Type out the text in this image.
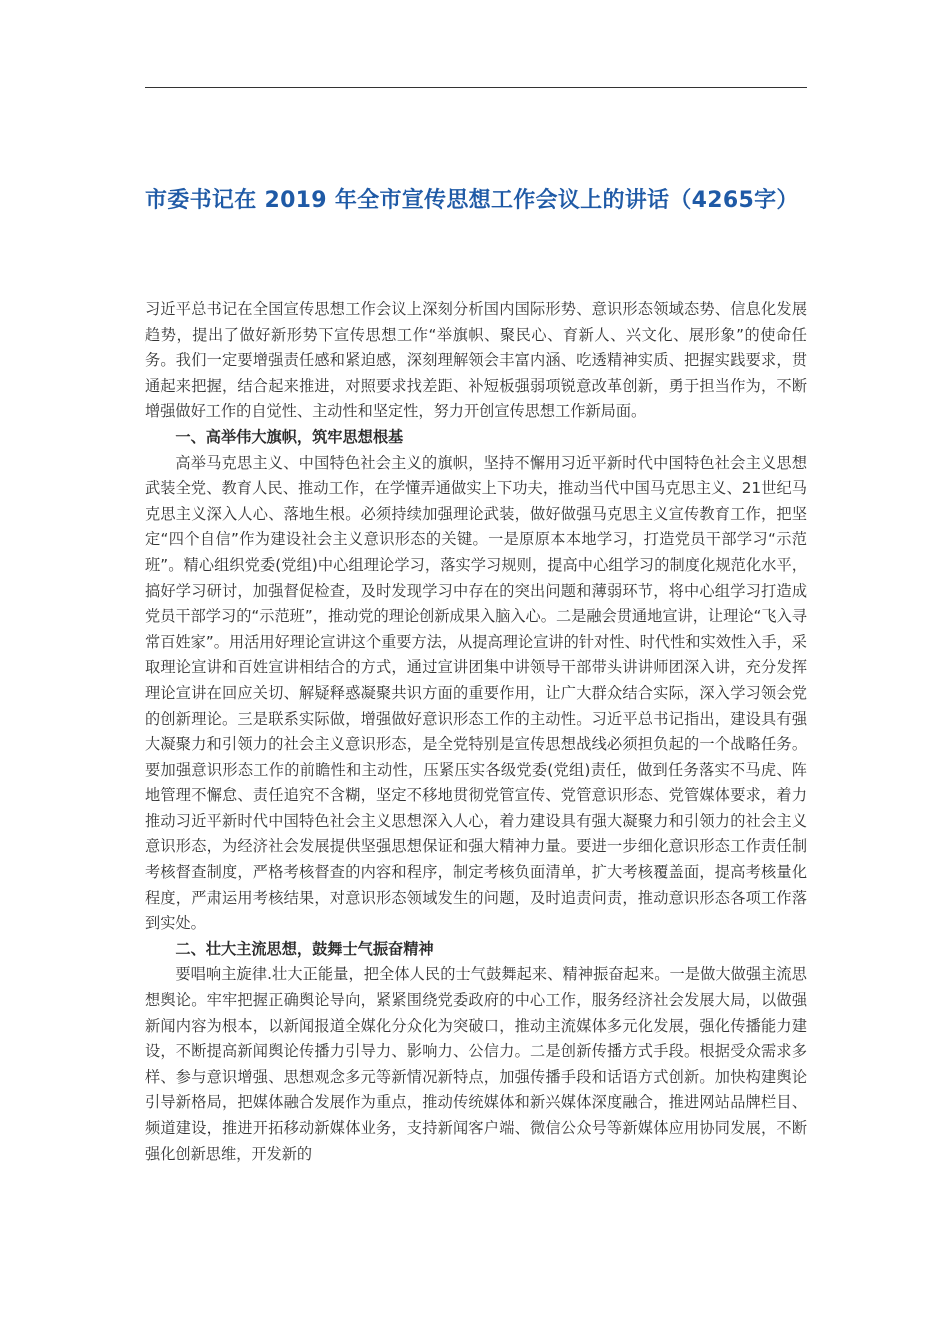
市委书记在 2019 年全市宣传思想工作会议上的讲话（4265字）

习近平总书记在全国宣传思想工作会议上深刻分析国内国际形势、意识形态领域态势、信息化发展趋势，提出了做好新形势下宣传思想工作“举旗帜、聚民心、育新人、兴文化、展形象”的使命任务。我们一定要增强责任感和紧迫感，深刻理解领会丰富内涵、吃透精神实质、把握实践要求，贯通起来把握，结合起来推进，对照要求找差距、补短板强弱项锐意改革创新，勇于担当作为，不断增强做好工作的自觉性、主动性和坚定性，努力开创宣传思想工作新局面。

一、高举伟大旗帜，筑牢思想根基

高举马克思主义、中国特色社会主义的旗帜，坚持不懈用习近平新时代中国特色社会主义思想武装全党、教育人民、推动工作，在学懂弄通做实上下功夫，推动当代中国马克思主义、21世纪马克思主义深入人心、落地生根。必须持续加强理论武装，做好做强马克思主义宣传教育工作，把坚定“四个自信”作为建设社会主义意识形态的关键。一是原原本本地学习，打造党员干部学习“示范班”。精心组织党委(党组)中心组理论学习，落实学习规则，提高中心组学习的制度化规范化水平，搞好学习研讨，加强督促检查，及时发现学习中存在的突出问题和薄弱环节，将中心组学习打造成党员干部学习的“示范班”，推动党的理论创新成果入脑入心。二是融会贯通地宣讲，让理论“飞入寻常百姓家”。用活用好理论宣讲这个重要方法，从提高理论宣讲的针对性、时代性和实效性入手，采取理论宣讲和百姓宣讲相结合的方式，通过宣讲团集中讲领导干部带头讲讲师团深入讲，充分发挥理论宣讲在回应关切、解疑释惑凝聚共识方面的重要作用，让广大群众结合实际，深入学习领会党的创新理论。三是联系实际做，增强做好意识形态工作的主动性。习近平总书记指出，建设具有强大凝聚力和引领力的社会主义意识形态，是全党特别是宣传思想战线必须担负起的一个战略任务。要加强意识形态工作的前瞻性和主动性，压紧压实各级党委(党组)责任，做到任务落实不马虎、阵地管理不懈怠、责任追究不含糊，坚定不移地贯彻党管宣传、党管意识形态、党管媒体要求，着力推动习近平新时代中国特色社会主义思想深入人心，着力建设具有强大凝聚力和引领力的社会主义意识形态，为经济社会发展提供坚强思想保证和强大精神力量。要进一步细化意识形态工作责任制考核督查制度，严格考核督查的内容和程序，制定考核负面清单，扩大考核覆盖面，提高考核量化程度，严肃运用考核结果，对意识形态领域发生的问题，及时追责问责，推动意识形态各项工作落到实处。

二、壮大主流思想，鼓舞士气振奋精神

要唱响主旋律.壮大正能量，把全体人民的士气鼓舞起来、精神振奋起来。一是做大做强主流思想舆论。牢牢把握正确舆论导向，紧紧围绕党委政府的中心工作，服务经济社会发展大局，以做强新闻内容为根本，以新闻报道全媒化分众化为突破口，推动主流媒体多元化发展，强化传播能力建设，不断提高新闻舆论传播力引导力、影响力、公信力。二是创新传播方式手段。根据受众需求多样、参与意识增强、思想观念多元等新情况新特点，加强传播手段和话语方式创新。加快构建舆论引导新格局，把媒体融合发展作为重点，推动传统媒体和新兴媒体深度融合，推进网站品牌栏目、频道建设，推进开拓移动新媒体业务，支持新闻客户端、微信公众号等新媒体应用协同发展，不断强化创新思维，开发新的
